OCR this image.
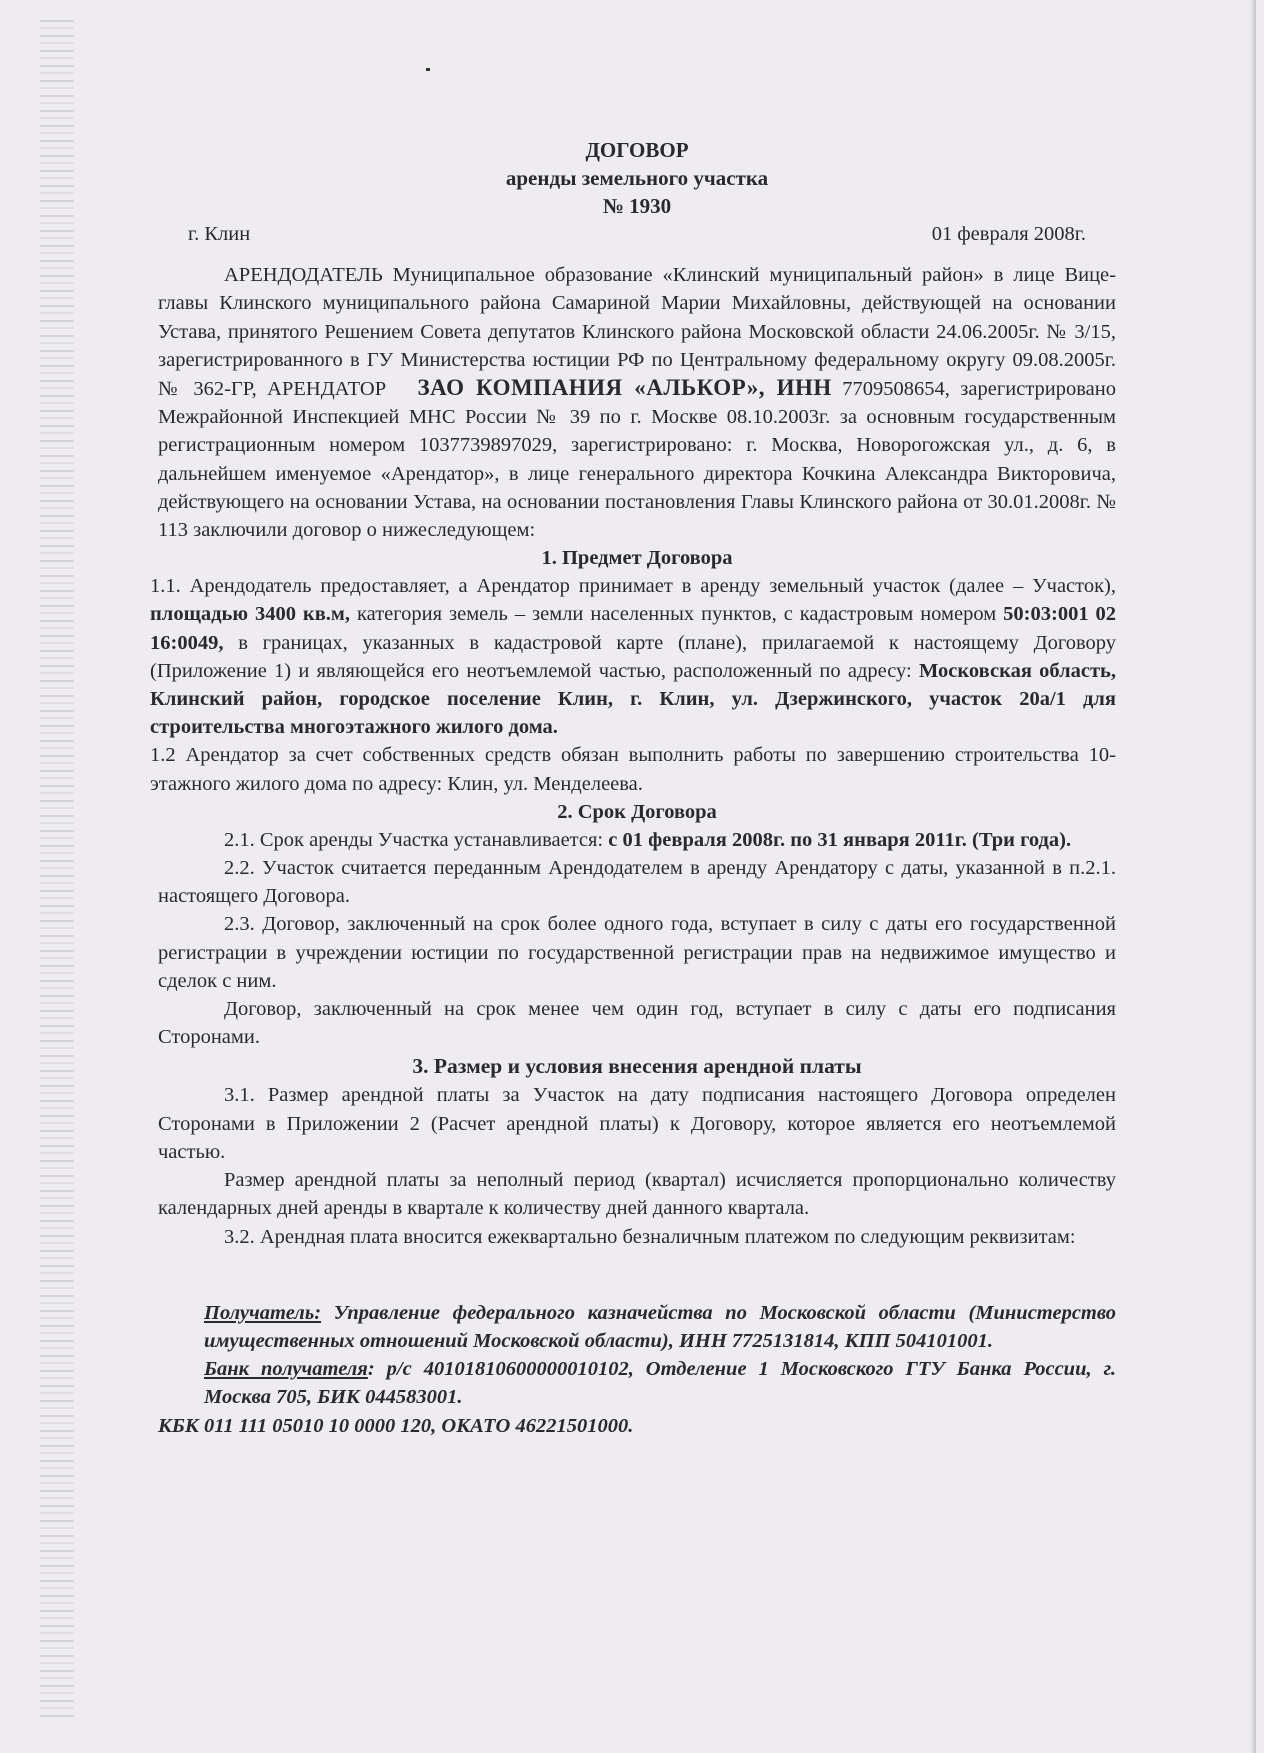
ДОГОВОР
аренды земельного участка
№ 1930
г. Клин	01 февраля 2008г.

АРЕНДОДАТЕЛЬ Муниципальное образование «Клинский муниципальный район» в лице Вице-главы Клинского муниципального района Самариной Марии Михайловны, действующей на основании Устава, принятого Решением Совета депутатов Клинского района Московской области 24.06.2005г. № 3/15, зарегистрированного в ГУ Министерства юстиции РФ по Центральному федеральному округу 09.08.2005г. № 362-ГР, АРЕНДАТОР ЗАО КОМПАНИЯ «АЛЬКОР», ИНН 7709508654, зарегистрировано Межрайонной Инспекцией МНС России № 39 по г. Москве 08.10.2003г. за основным государственным регистрационным номером 1037739897029, зарегистрировано: г. Москва, Новорогожская ул., д. 6, в дальнейшем именуемое «Арендатор», в лице генерального директора Кочкина Александра Викторовича, действующего на основании Устава, на основании постановления Главы Клинского района от 30.01.2008г. № 113 заключили договор о нижеследующем:

1. Предмет Договора

1.1. Арендодатель предоставляет, а Арендатор принимает в аренду земельный участок (далее – Участок), площадью 3400 кв.м, категория земель – земли населенных пунктов, с кадастровым номером 50:03:001 02 16:0049, в границах, указанных в кадастровой карте (плане), прилагаемой к настоящему Договору (Приложение 1) и являющейся его неотъемлемой частью, расположенный по адресу: Московская область, Клинский район, городское поселение Клин, г. Клин, ул. Дзержинского, участок 20а/1 для строительства многоэтажного жилого дома.

1.2 Арендатор за счет собственных средств обязан выполнить работы по завершению строительства 10-этажного жилого дома по адресу: Клин, ул. Менделеева.

2. Срок Договора

2.1. Срок аренды Участка устанавливается: с 01 февраля 2008г. по 31 января 2011г. (Три года).

2.2. Участок считается переданным Арендодателем в аренду Арендатору с даты, указанной в п.2.1. настоящего Договора.

2.3. Договор, заключенный на срок более одного года, вступает в силу с даты его государственной регистрации в учреждении юстиции по государственной регистрации прав на недвижимое имущество и сделок с ним.

Договор, заключенный на срок менее чем один год, вступает в силу с даты его подписания Сторонами.

3. Размер и условия внесения арендной платы

3.1. Размер арендной платы за Участок на дату подписания настоящего Договора определен Сторонами в Приложении 2 (Расчет арендной платы) к Договору, которое является его неотъемлемой частью.

Размер арендной платы за неполный период (квартал) исчисляется пропорционально количеству календарных дней аренды в квартале к количеству дней данного квартала.

3.2. Арендная плата вносится ежеквартально безналичным платежом по следующим реквизитам:

Получатель: Управление федерального казначейства по Московской области (Министерство имущественных отношений Московской области), ИНН 7725131814, КПП 504101001.

Банк получателя: р/с 40101810600000010102, Отделение 1 Московского ГТУ Банка России, г. Москва 705, БИК 044583001.

КБК 011 111 05010 10 0000 120, ОКАТО 46221501000.
